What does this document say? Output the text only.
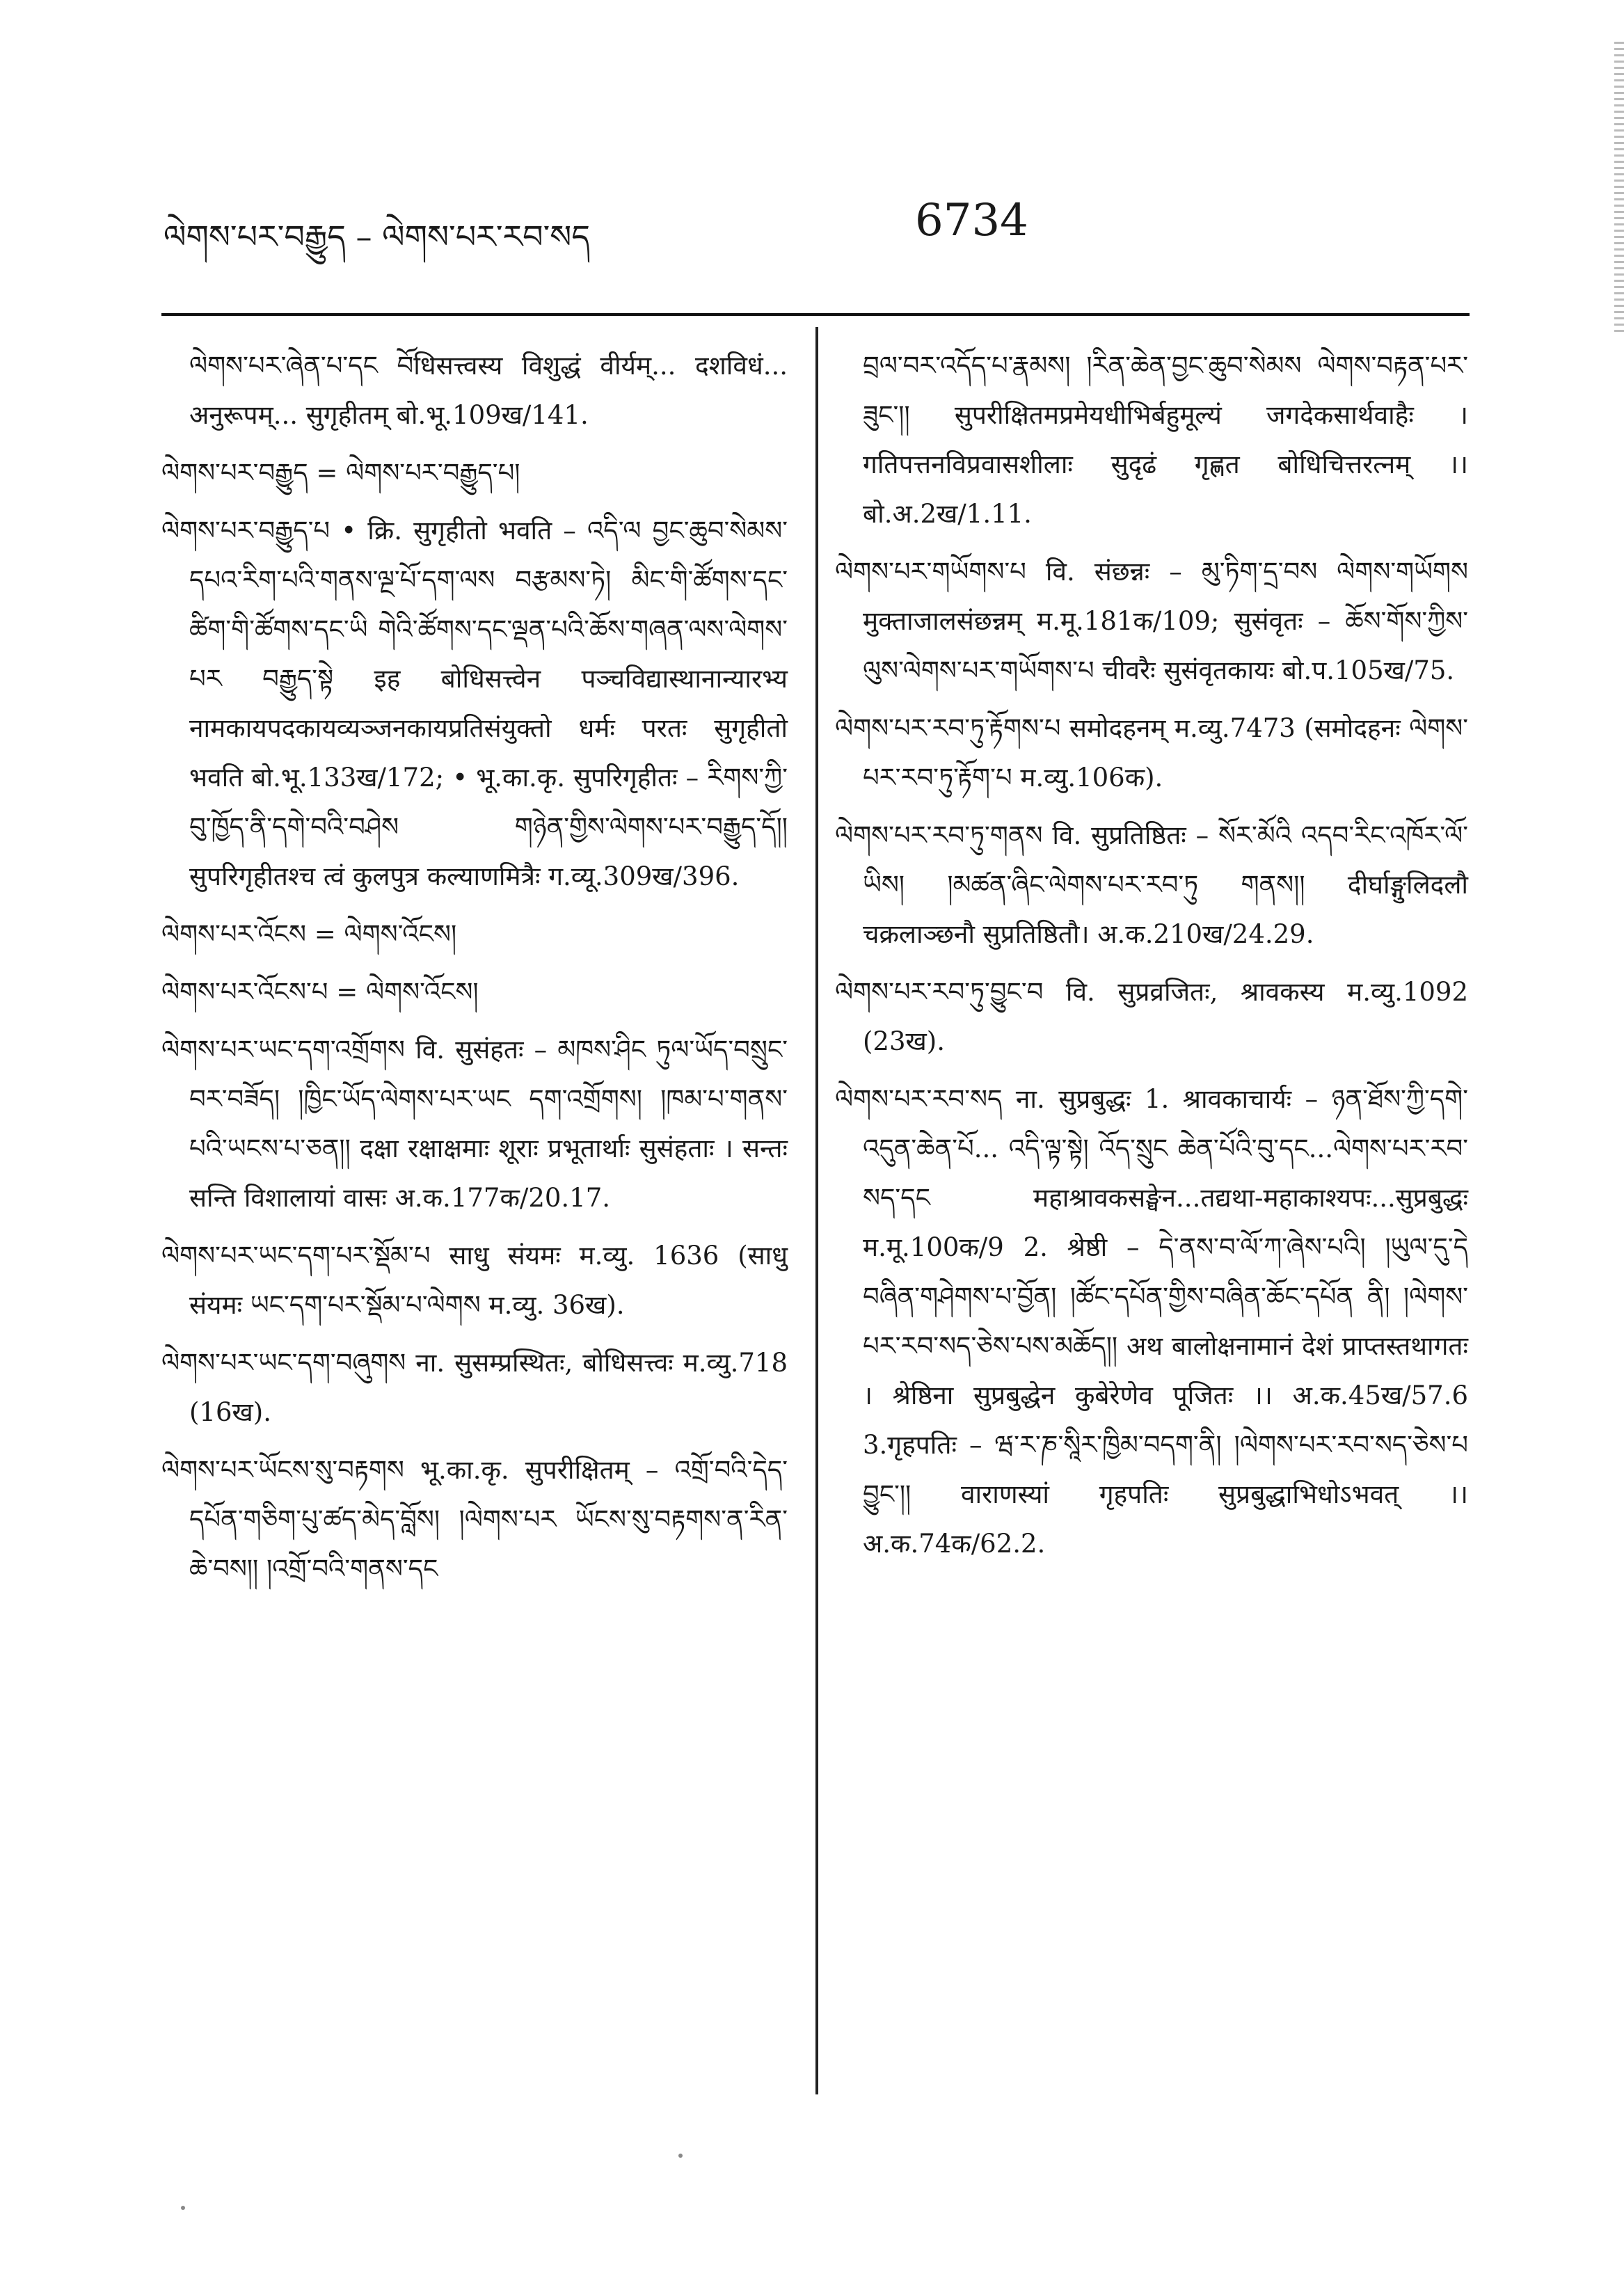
ལེགས་པར་བརྒྱུད – ལེགས་པར་རབ་སད	6734

ལེགས་པར་ཞེན་པ་དང བོधिसत्त्वस्य विशुद्धं वीर्यम्... दशविधं... अनुरूपम्... सुगृहीतम् बो.भू.109ख/141.

ལེགས་པར་བརྒྱུད = ལེགས་པར་བརྒྱུད་པ།

ལེགས་པར་བརྒྱུད་པ • क्रि. सुगृहीतो भवति – འདི་ལ བྱང་ཆུབ་སེམས་དཔའ་རིག་པའི་གནས་ལྔ་པོ་དག་ལས བརྩམས་ཏེ། མིང་གི་ཚོགས་དང་ཚིག་གི་ཚོགས་དང་ཡི གེའི་ཚོགས་དང་ལྡན་པའི་ཆོས་གཞན་ལས་ལེགས་པར བརྒྱུད་སྟེ इह बोधिसत्त्वेन पञ्चविद्यास्थानान्यारभ्य नामकायपदकायव्यञ्जनकायप्रतिसंयुक्तो धर्मः परतः सुगृहीतो भवति बो.भू.133ख/172; • भू.का.कृ. सुपरिगृहीतः – རིགས་ཀྱི་བུ་ཁྱོད་ནི་དགེ་བའི་བཤེས གཉེན་གྱིས་ལེགས་པར་བརྒྱུད་དོ།། सुपरिगृहीतश्च त्वं कुलपुत्र कल्याणमित्रैः ग.व्यू.309ख/396.

ལེགས་པར་འོངས = ལེགས་འོངས།

ལེགས་པར་འོངས་པ = ལེགས་འོངས།

ལེགས་པར་ཡང་དག་འགྲོགས वि. सुसंहतः – མཁས་ཤིང ཏུལ་ཡོད་བསྲུང་བར་བཟོད། །ཁྱིང་ཡོད་ལེགས་པར་ཡང དག་འགྲོགས། །ཁམ་པ་གནས་པའི་ཡངས་པ་ཅན།། दक्षा रक्षाक्षमाः शूराः प्रभूतार्थाः सुसंहताः । सन्तः सन्ति विशालायां वासः अ.क.177क/20.17.

ལེགས་པར་ཡང་དག་པར་སྡོམ་པ साधु संयमः म.व्यु. 1636 (साधु संयमः ཡང་དག་པར་སྡོམ་པ་ལེགས म.व्यु. 36ख).

ལེགས་པར་ཡང་དག་བཞུགས ना. सुसम्प्रस्थितः, बोधिसत्त्वः म.व्यु.718 (16ख).

ལེགས་པར་ཡོངས་སུ་བརྟགས भू.का.कृ. सुपरीक्षितम् – འགྲོ་བའི་དེད་དཔོན་གཅིག་པུ་ཚད་མེད་བློས། །ལེགས་པར ཡོངས་སུ་བརྟགས་ན་རིན་ཆེ་བས།། །འགྲོ་བའི་གནས་དང

བྲལ་བར་འདོད་པ་རྣམས། །རིན་ཆེན་བྱང་ཆུབ་སེམས ལེགས་བརྟན་པར་ཟུང་།། सुपरीक्षितमप्रमेयधीभिर्बहुमूल्यं जगदेकसार्थवाहैः । गतिपत्तनविप्रवासशीलाः सुदृढं गृह्णत बोधिचित्तरत्नम् ।। बो.अ.2ख/1.11.

ལེགས་པར་གཡོགས་པ वि. संछन्नः – མུ་ཏིག་དྲ་བས ལེགས་གཡོགས मुक्ताजालसंछन्नम् म.मू.181क/109; सुसंवृतः – ཆོས་གོས་ཀྱིས་ལུས་ལེགས་པར་གཡོགས་པ चीवरैः सुसंवृतकायः बो.प.105ख/75.

ལེགས་པར་རབ་ཏུ་རྟོགས་པ समोदहनम् म.व्यु.7473 (समोदहनः ལེགས་པར་རབ་ཏུ་རྟོག་པ म.व्यु.106क).

ལེགས་པར་རབ་ཏུ་གནས वि. सुप्रतिष्ठितः – སོར་མོའི འདབ་རིང་འཁོར་ལོ་ཡིས། །མཚན་ཞིང་ལེགས་པར་རབ་ཏུ གནས།། दीर्घाङ्गुलिदलौ चक्रलाञ्छनौ सुप्रतिष्ठितौ। अ.क.210ख/24.29.

ལེགས་པར་རབ་ཏུ་བྱུང་བ वि. सुप्रव्रजितः, श्रावकस्य म.व्यु.1092 (23ख).

ལེགས་པར་རབ་སད ना. सुप्रबुद्धः 1. श्रावकाचार्यः – ཉན་ཐོས་ཀྱི་དགེ་འདུན་ཆེན་པོ... འདི་ལྟ་སྟེ། འོད་སྲུང ཆེན་པོའི་བུ་དང...ལེགས་པར་རབ་སད་དང महाश्रावकसङ्घेन...तद्यथा-महाकाश्यपः...सुप्रबुद्धः म.मू.100क/9 2. श्रेष्ठी – དེ་ནས་བ་ལོ་ཀ་ཞེས་པའི། །ཡུལ་དུ་དེ བཞིན་གཤེགས་པ་བྱོན། །ཚོང་དཔོན་གྱིས་བཞིན་ཆོང་དཔོན ནི། །ལེགས་པར་རབ་སད་ཅེས་པས་མཆོད།། अथ बालोक्षनामानं देशं प्राप्तस्तथागतः । श्रेष्ठिना सुप्रबुद्धेन कुबेरेणेव पूजितः ।। अ.क.45ख/57.6 3.गृहपतिः – ཝ་ར་ཎ་སཱིར་ཁྱིམ་བདག་ནི། །ལེགས་པར་རབ་སད་ཅེས་པ བྱུང་།། वाराणस्यां गृहपतिः सुप्रबुद्धाभिधोऽभवत् ।। अ.क.74क/62.2.
